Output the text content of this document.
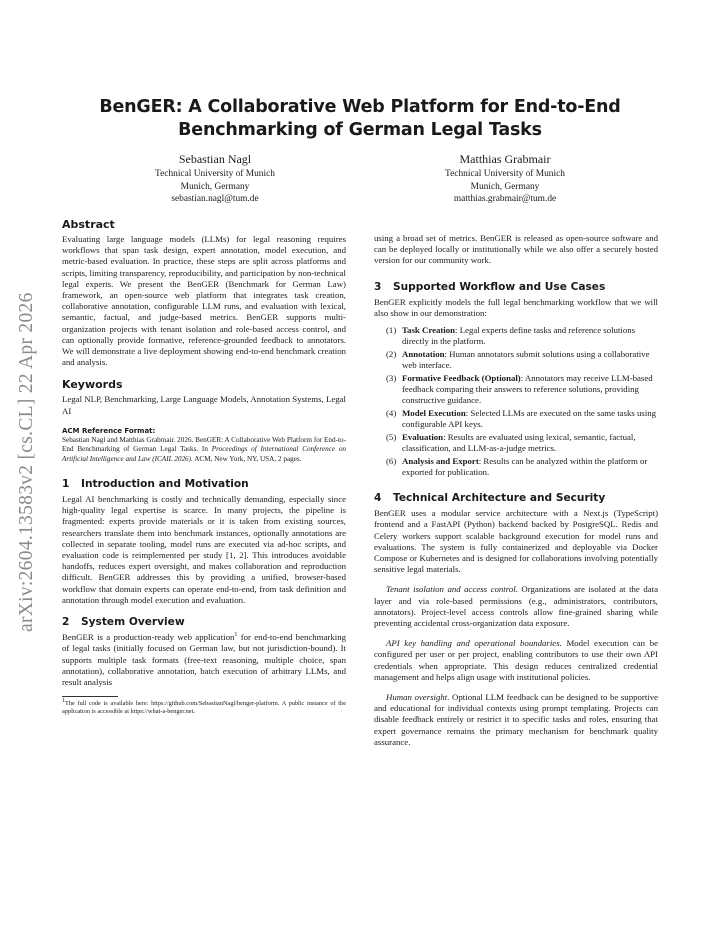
arXiv:2604.13583v2 [cs.CL] 22 Apr 2026
BenGER: A Collaborative Web Platform for End-to-End Benchmarking of German Legal Tasks
Sebastian Nagl
Technical University of Munich
Munich, Germany
sebastian.nagl@tum.de
Matthias Grabmair
Technical University of Munich
Munich, Germany
matthias.grabmair@tum.de
Abstract

Evaluating large language models (LLMs) for legal reasoning requires workflows that span task design, expert annotation, model execution, and metric-based evaluation. In practice, these steps are split across platforms and scripts, limiting transparency, reproducibility, and participation by non-technical legal experts. We present the BenGER (Benchmark for German Law) framework, an open-source web platform that integrates task creation, collaborative annotation, configurable LLM runs, and evaluation with lexical, semantic, factual, and judge-based metrics. BenGER supports multi-organization projects with tenant isolation and role-based access control, and can optionally provide formative, reference-grounded feedback to annotators. We will demonstrate a live deployment showing end-to-end benchmark creation and analysis.

Keywords

Legal NLP, Benchmarking, Large Language Models, Annotation Systems, Legal AI

ACM Reference Format:
Sebastian Nagl and Matthias Grabmair. 2026. BenGER: A Collaborative Web Platform for End-to-End Benchmarking of German Legal Tasks. In Proceedings of International Conference on Artificial Intelligence and Law (ICAIL 2026). ACM, New York, NY, USA, 2 pages.
1 Introduction and Motivation

Legal AI benchmarking is costly and technically demanding, especially since high-quality legal expertise is scarce. In many projects, the pipeline is fragmented: experts provide materials or it is taken from existing sources, researchers translate them into benchmark instances, optionally annotations are collected in separate tooling, model runs are executed via ad-hoc scripts, and evaluation code is reimplemented per study [1, 2]. This introduces avoidable handoffs, reduces expert oversight, and makes collaboration and reproduction difficult. BenGER addresses this by providing a unified, browser-based workflow that domain experts can operate end-to-end, from task definition and annotation through model execution and evaluation.

2 System Overview

BenGER is a production-ready web application$^1$ for end-to-end benchmarking of legal tasks (initially focused on German law, but not jurisdiction-bound). It supports multiple task formats (free-text reasoning, multiple choice, span annotation), collaborative annotation, batch execution of arbitrary LLMs, and result analysis

$^1$The full code is available here: https://github.com/SebastianNagl/benger-platform. A public instance of the application is accessible at https://what-a-benger.net.

using a broad set of metrics. BenGER is released as open-source software and can be deployed locally or institutionally while we also offer a securely hosted version for our community work.

3 Supported Workflow and Use Cases

BenGER explicitly models the full legal benchmarking workflow that we will also show in our demonstration:

(1) Task Creation: Legal experts define tasks and reference solutions directly in the platform.
(2) Annotation: Human annotators submit solutions using a collaborative web interface.
(3) Formative Feedback (Optional): Annotators may receive LLM-based feedback comparing their answers to reference solutions, providing constructive guidance.
(4) Model Execution: Selected LLMs are executed on the same tasks using configurable API keys.
(5) Evaluation: Results are evaluated using lexical, semantic, factual, classification, and LLM-as-a-judge metrics.
(6) Analysis and Export: Results can be analyzed within the platform or exported for publication.
4 Technical Architecture and Security

BenGER uses a modular service architecture with a Next.js (TypeScript) frontend and a FastAPI (Python) backend backed by PostgreSQL. Redis and Celery workers support scalable background execution for model runs and evaluations. The system is fully containerized and deployable via Docker Compose or Kubernetes and is designed for collaborations involving potentially sensitive legal materials.

Tenant isolation and access control. Organizations are isolated at the data layer and via role-based permissions (e.g., administrators, contributors, annotators). Project-level access controls allow fine-grained sharing while preventing accidental cross-organization data exposure.

API key handling and operational boundaries. Model execution can be configured per user or per project, enabling contributors to use their own API credentials when appropriate. This design reduces centralized credential management and helps align usage with institutional policies.

Human oversight. Optional LLM feedback can be designed to be supportive and educational for individual contexts using prompt templating. Projects can disable feedback entirely or restrict it to specific tasks and roles, ensuring that expert governance remains the primary mechanism for benchmark quality assurance.
